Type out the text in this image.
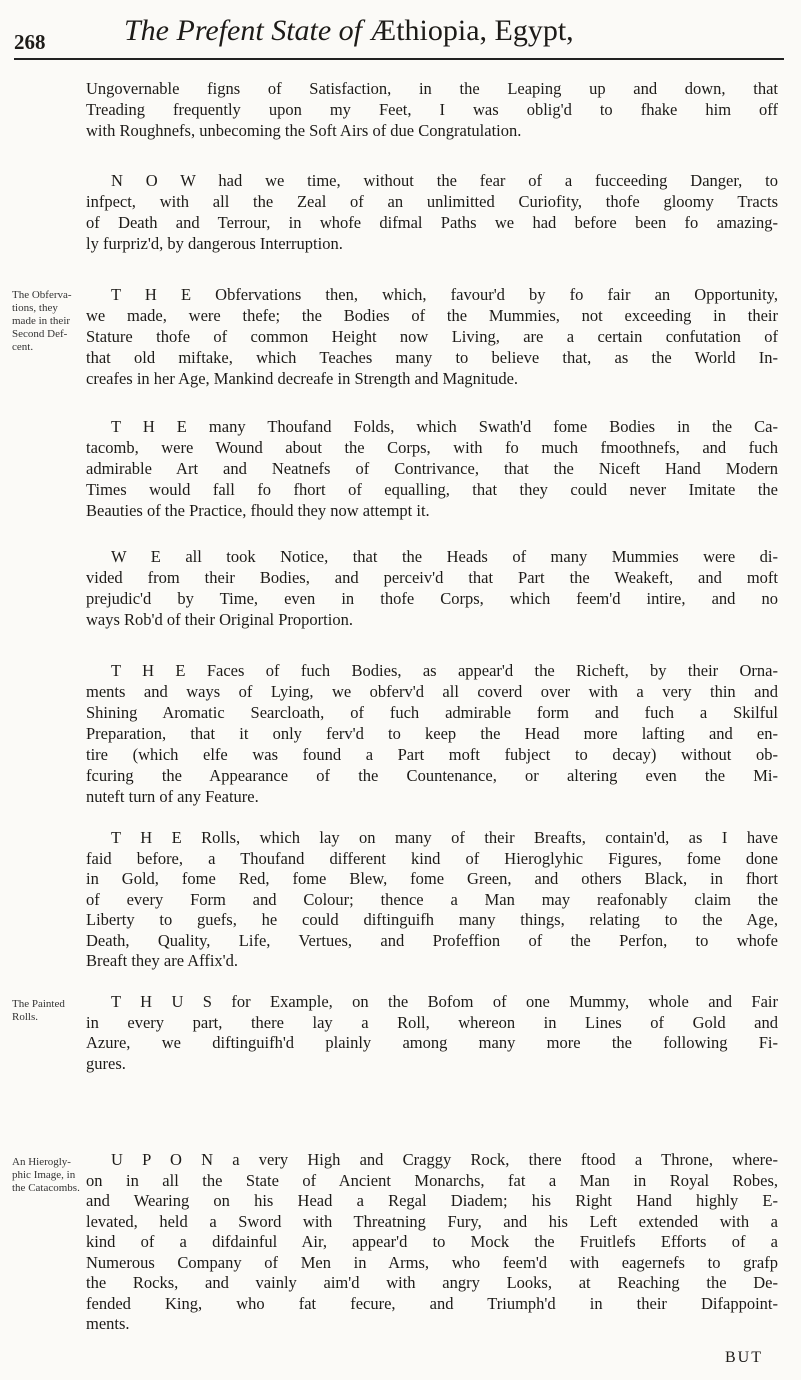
268	The Prefent State of Æthiopia, Egypt,
The Obferva-
tions, they
made in their
Second Def-
cent.
The Painted
Rolls.
An Hierogly-
phic Image, in
the Catacombs.
Ungovernable figns of Satisfaction, in the Leaping up and down, that
Treading frequently upon my Feet, I was oblig'd to fhake him off
with Roughnefs, unbecoming the Soft Airs of due Congratulation.
N O W had we time, without the fear of a fucceeding Danger, to
infpect, with all the Zeal of an unlimitted Curiofity, thofe gloomy Tracts
of Death and Terrour, in whofe difmal Paths we had before been fo amazing-
ly furpriz'd, by dangerous Interruption.
T H E Obfervations then, which, favour'd by fo fair an Opportunity,
we made, were thefe; the Bodies of the Mummies, not exceeding in their
Stature thofe of common Height now Living, are a certain confutation of
that old miftake, which Teaches many to believe that, as the World In-
creafes in her Age, Mankind decreafe in Strength and Magnitude.
T H E many Thoufand Folds, which Swath'd fome Bodies in the Ca-
tacomb, were Wound about the Corps, with fo much fmoothnefs, and fuch
admirable Art and Neatnefs of Contrivance, that the Niceft Hand Modern
Times would fall fo fhort of equalling, that they could never Imitate the
Beauties of the Practice, fhould they now attempt it.
W E all took Notice, that the Heads of many Mummies were di-
vided from their Bodies, and perceiv'd that Part the Weakeft, and moft
prejudic'd by Time, even in thofe Corps, which feem'd intire, and no
ways Rob'd of their Original Proportion.
T H E Faces of fuch Bodies, as appear'd the Richeft, by their Orna-
ments and ways of Lying, we obferv'd all coverd over with a very thin and
Shining Aromatic Searcloath, of fuch admirable form and fuch a Skilful
Preparation, that it only ferv'd to keep the Head more lafting and en-
tire (which elfe was found a Part moft fubject to decay) without ob-
fcuring the Appearance of the Countenance, or altering even the Mi-
nuteft turn of any Feature.
T H E Rolls, which lay on many of their Breafts, contain'd, as I have
faid before, a Thoufand different kind of Hieroglyhic Figures, fome done
in Gold, fome Red, fome Blew, fome Green, and others Black, in fhort
of every Form and Colour; thence a Man may reafonably claim the
Liberty to guefs, he could diftinguifh many things, relating to the Age,
Death, Quality, Life, Vertues, and Profeffion of the Perfon, to whofe
Breaft they are Affix'd.
T H U S for Example, on the Bofom of one Mummy, whole and Fair
in every part, there lay a Roll, whereon in Lines of Gold and
Azure, we diftinguifh'd plainly among many more the following Fi-
gures.
U P O N a very High and Craggy Rock, there ftood a Throne, where-
on in all the State of Ancient Monarchs, fat a Man in Royal Robes,
and Wearing on his Head a Regal Diadem; his Right Hand highly E-
levated, held a Sword with Threatning Fury, and his Left extended with a
kind of a difdainful Air, appear'd to Mock the Fruitlefs Efforts of a
Numerous Company of Men in Arms, who feem'd with eagernefs to grafp
the Rocks, and vainly aim'd with angry Looks, at Reaching the De-
fended King, who fat fecure, and Triumph'd in their Difappoint-
ments.
BUT
